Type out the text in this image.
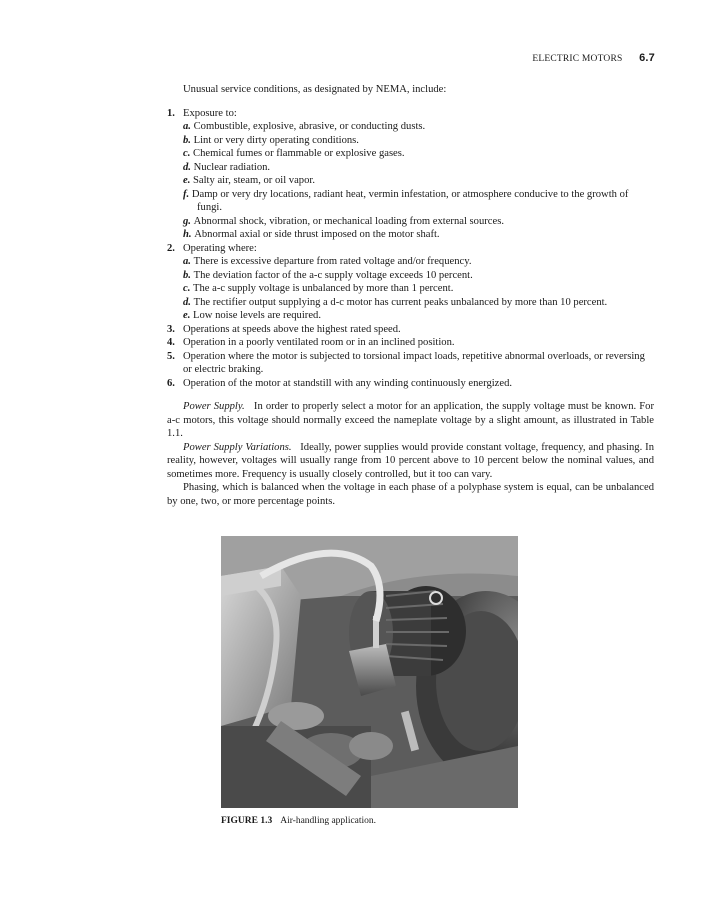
ELECTRIC MOTORS 6.7

Unusual service conditions, as designated by NEMA, include:

1. Exposure to:
a. Combustible, explosive, abrasive, or conducting dusts.
b. Lint or very dirty operating conditions.
c. Chemical fumes or flammable or explosive gases.
d. Nuclear radiation.
e. Salty air, steam, or oil vapor.
f. Damp or very dry locations, radiant heat, vermin infestation, or atmosphere conducive to the growth of fungi.
g. Abnormal shock, vibration, or mechanical loading from external sources.
h. Abnormal axial or side thrust imposed on the motor shaft.
2. Operating where:
a. There is excessive departure from rated voltage and/or frequency.
b. The deviation factor of the a-c supply voltage exceeds 10 percent.
c. The a-c supply voltage is unbalanced by more than 1 percent.
d. The rectifier output supplying a d-c motor has current peaks unbalanced by more than 10 percent.
e. Low noise levels are required.
3. Operations at speeds above the highest rated speed.
4. Operation in a poorly ventilated room or in an inclined position.
5. Operation where the motor is subjected to torsional impact loads, repetitive abnormal overloads, or reversing or electric braking.
6. Operation of the motor at standstill with any winding continuously energized.

Power Supply. In order to properly select a motor for an application, the supply voltage must be known. For a-c motors, this voltage should normally exceed the nameplate voltage by a slight amount, as illustrated in Table 1.1.

Power Supply Variations. Ideally, power supplies would provide constant voltage, frequency, and phasing. In reality, however, voltages will usually range from 10 percent above to 10 percent below the nominal values, and sometimes more. Frequency is usually closely controlled, but it too can vary.

Phasing, which is balanced when the voltage in each phase of a polyphase system is equal, can be unbalanced by one, two, or more percentage points.

FIGURE 1.3 Air-handling application.
